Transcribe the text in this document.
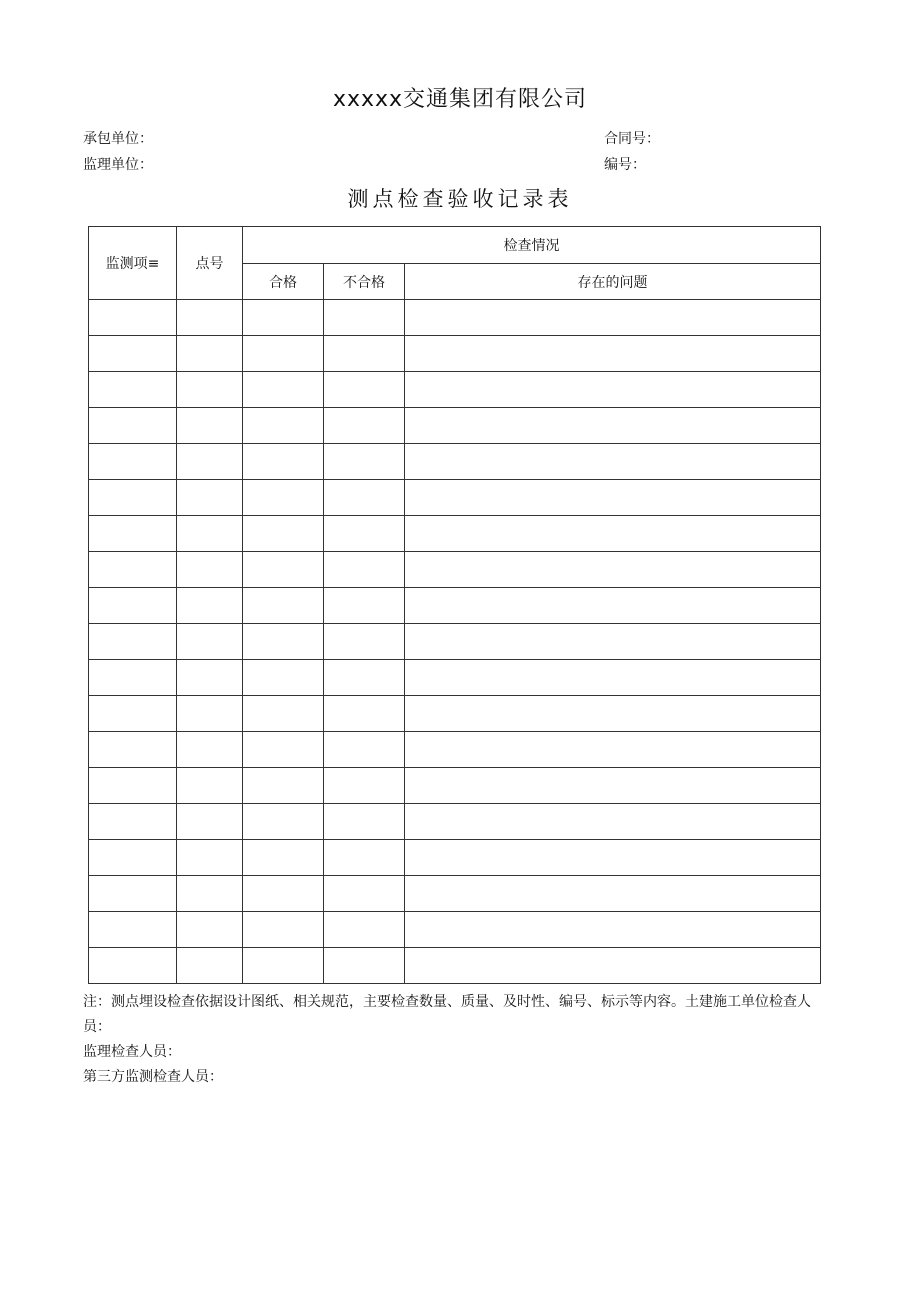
xxxxx交通集团有限公司
承包单位：	合同号：
监理单位：	编号：
测点检查验收记录表
监测项≡	点号	检查情况		
		合格	不合格	存在的问题

注：测点埋设检查依据设计图纸、相关规范，主要检查数量、质量、及时性、编号、标示等内容。土建施工单位检查人员：

监理检查人员：

第三方监测检查人员：
